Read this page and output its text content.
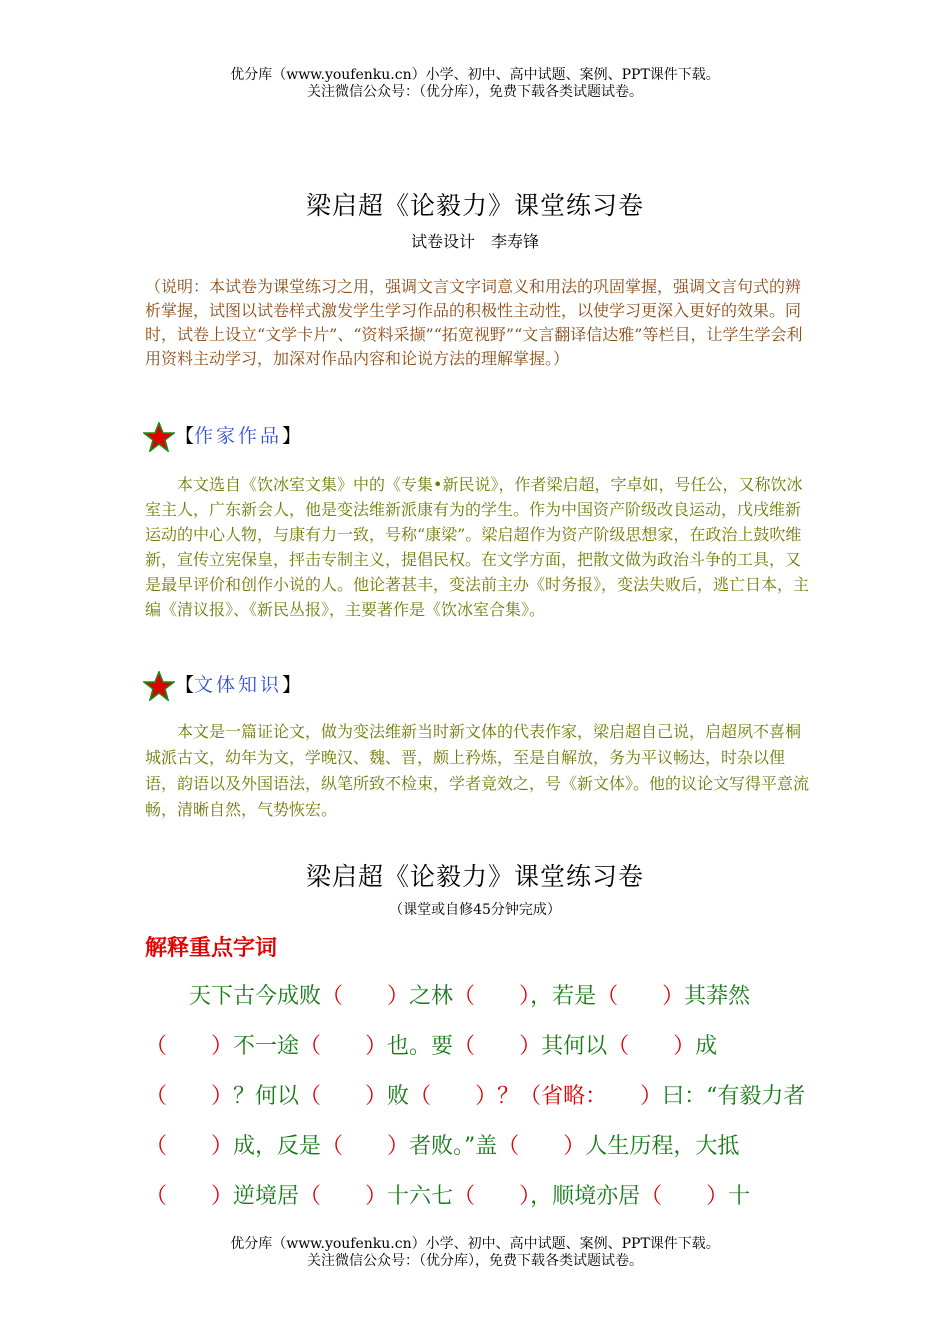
优分库（www.youfenku.cn）小学、初中、高中试题、案例、PPT课件下载。
关注微信公众号：（优分库），免费下载各类试题试卷。
梁启超《论毅力》课堂练习卷
试卷设计　李寿锋
（说明：本试卷为课堂练习之用，强调文言文字词意义和用法的巩固掌握，强调文言句式的辨析掌握，试图以试卷样式激发学生学习作品的积极性主动性，以使学习更深入更好的效果。同时，试卷上设立“文学卡片”、“资料采撷”“拓宽视野”“文言翻译信达雅”等栏目，让学生学会利用资料主动学习，加深对作品内容和论说方法的理解掌握。）
【作家作品】
本文选自《饮冰室文集》中的《专集•新民说》，作者梁启超，字卓如，号任公，又称饮冰室主人，广东新会人，他是变法维新派康有为的学生。作为中国资产阶级改良运动，戊戌维新运动的中心人物，与康有力一致，号称“康梁”。梁启超作为资产阶级思想家，在政治上鼓吹维新，宣传立宪保皇，抨击专制主义，提倡民权。在文学方面，把散文做为政治斗争的工具，又是最早评价和创作小说的人。他论著甚丰，变法前主办《时务报》，变法失败后，逃亡日本，主编《清议报》、《新民丛报》，主要著作是《饮冰室合集》。
【文体知识】
本文是一篇证论文，做为变法维新当时新文体的代表作家，梁启超自己说，启超夙不喜桐城派古文，幼年为文，学晚汉、魏、晋，颇上矜炼，至是自解放，务为平议畅达，时杂以俚语，韵语以及外国语法，纵笔所致不检束，学者竟效之，号《新文体》。他的议论文写得平意流畅，清晰自然，气势恢宏。
梁启超《论毅力》课堂练习卷
（课堂或自修45分钟完成）
解释重点字词
天下古今成败（　　）之林（　　），若是（　　）其莽然（　　）不一途（　　）也。要（　　）其何以（　　）成（　　）？何以（　　）败（　　）？（省略：　　）曰：“有毅力者（　　）成，反是（　　）者败。”盖（　　）人生历程，大抵（　　）逆境居（　　）十六七（　　），顺境亦居（　　）十
优分库（www.youfenku.cn）小学、初中、高中试题、案例、PPT课件下载。
关注微信公众号：（优分库），免费下载各类试题试卷。
